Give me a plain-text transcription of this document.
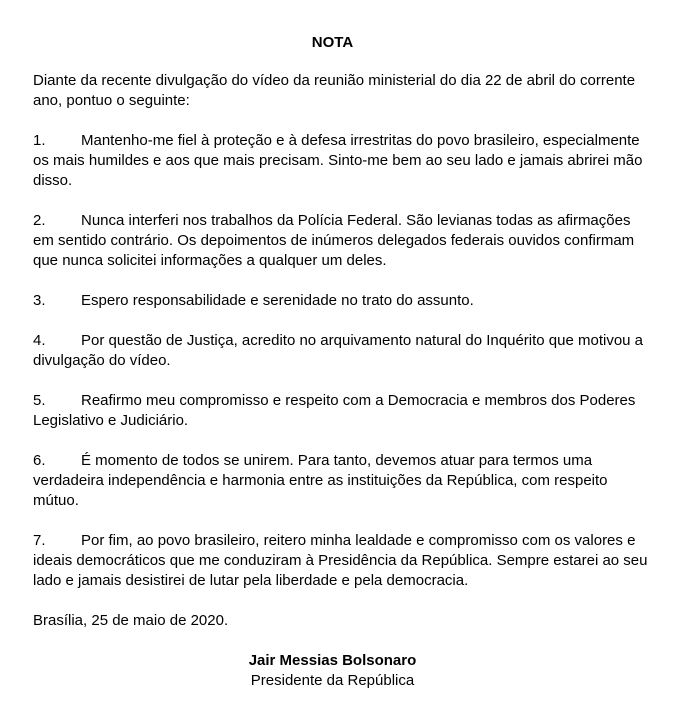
NOTA

Diante da recente divulgação do vídeo da reunião ministerial do dia 22 de abril do corrente ano, pontuo o seguinte:

1. Mantenho-me fiel à proteção e à defesa irrestritas do povo brasileiro, especialmente os mais humildes e aos que mais precisam. Sinto-me bem ao seu lado e jamais abrirei mão disso.

2. Nunca interferi nos trabalhos da Polícia Federal. São levianas todas as afirmações em sentido contrário. Os depoimentos de inúmeros delegados federais ouvidos confirmam que nunca solicitei informações a qualquer um deles.

3. Espero responsabilidade e serenidade no trato do assunto.

4. Por questão de Justiça, acredito no arquivamento natural do Inquérito que motivou a divulgação do vídeo.

5. Reafirmo meu compromisso e respeito com a Democracia e membros dos Poderes Legislativo e Judiciário.

6. É momento de todos se unirem. Para tanto, devemos atuar para termos uma verdadeira independência e harmonia entre as instituições da República, com respeito mútuo.

7. Por fim, ao povo brasileiro, reitero minha lealdade e compromisso com os valores e ideais democráticos que me conduziram à Presidência da República. Sempre estarei ao seu lado e jamais desistirei de lutar pela liberdade e pela democracia.

Brasília, 25 de maio de 2020.

Jair Messias Bolsonaro
Presidente da República
